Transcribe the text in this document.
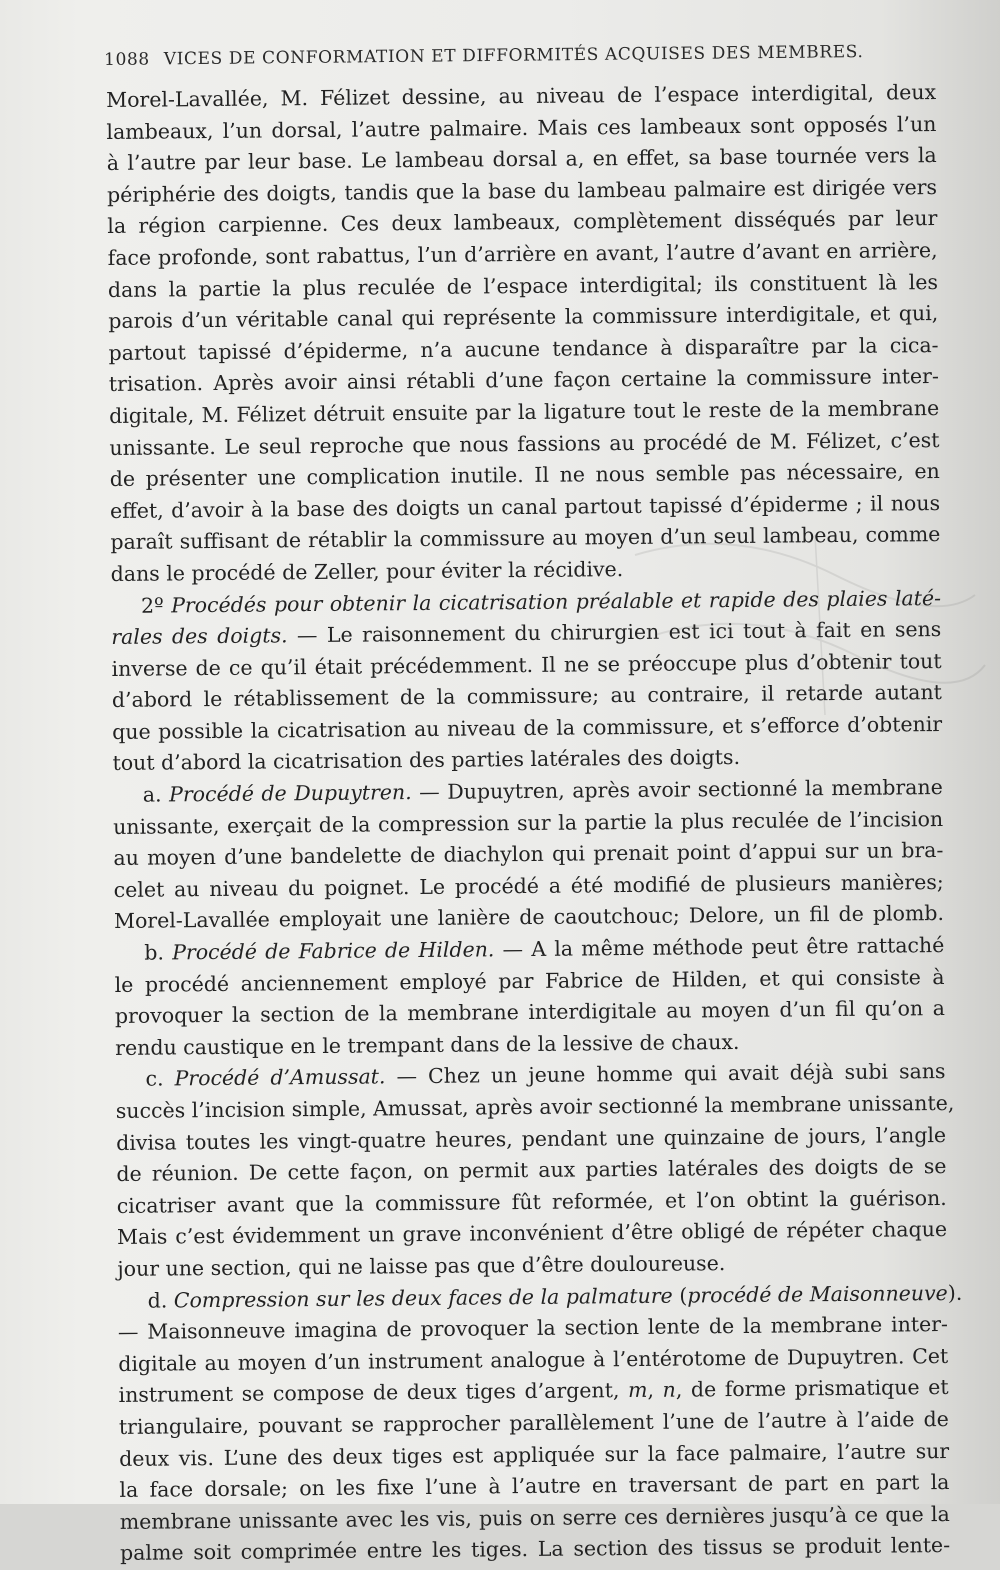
1088 VICES DE CONFORMATION ET DIFFORMITÉS ACQUISES DES MEMBRES.
Morel-Lavallée, M. Félizet dessine, au niveau de l’espace interdigital, deux
lambeaux, l’un dorsal, l’autre palmaire. Mais ces lambeaux sont opposés l’un
à l’autre par leur base. Le lambeau dorsal a, en effet, sa base tournée vers la
périphérie des doigts, tandis que la base du lambeau palmaire est dirigée vers
la région carpienne. Ces deux lambeaux, complètement disséqués par leur
face profonde, sont rabattus, l’un d’arrière en avant, l’autre d’avant en arrière,
dans la partie la plus reculée de l’espace interdigital; ils constituent là les
parois d’un véritable canal qui représente la commissure interdigitale, et qui,
partout tapissé d’épiderme, n’a aucune tendance à disparaître par la cica-
trisation. Après avoir ainsi rétabli d’une façon certaine la commissure inter-
digitale, M. Félizet détruit ensuite par la ligature tout le reste de la membrane
unissante. Le seul reproche que nous fassions au procédé de M. Félizet, c’est
de présenter une complication inutile. Il ne nous semble pas nécessaire, en
effet, d’avoir à la base des doigts un canal partout tapissé d’épiderme ; il nous
paraît suffisant de rétablir la commissure au moyen d’un seul lambeau, comme
dans le procédé de Zeller, pour éviter la récidive.
2º Procédés pour obtenir la cicatrisation préalable et rapide des plaies laté-
rales des doigts. — Le raisonnement du chirurgien est ici tout à fait en sens
inverse de ce qu’il était précédemment. Il ne se préoccupe plus d’obtenir tout
d’abord le rétablissement de la commissure; au contraire, il retarde autant
que possible la cicatrisation au niveau de la commissure, et s’efforce d’obtenir
tout d’abord la cicatrisation des parties latérales des doigts.
a. Procédé de Dupuytren. — Dupuytren, après avoir sectionné la membrane
unissante, exerçait de la compression sur la partie la plus reculée de l’incision
au moyen d’une bandelette de diachylon qui prenait point d’appui sur un bra-
celet au niveau du poignet. Le procédé a été modifié de plusieurs manières;
Morel-Lavallée employait une lanière de caoutchouc; Delore, un fil de plomb.
b. Procédé de Fabrice de Hilden. — A la même méthode peut être rattaché
le procédé anciennement employé par Fabrice de Hilden, et qui consiste à
provoquer la section de la membrane interdigitale au moyen d’un fil qu’on a
rendu caustique en le trempant dans de la lessive de chaux.
c. Procédé d’Amussat. — Chez un jeune homme qui avait déjà subi sans
succès l’incision simple, Amussat, après avoir sectionné la membrane unissante,
divisa toutes les vingt-quatre heures, pendant une quinzaine de jours, l’angle
de réunion. De cette façon, on permit aux parties latérales des doigts de se
cicatriser avant que la commissure fût reformée, et l’on obtint la guérison.
Mais c’est évidemment un grave inconvénient d’être obligé de répéter chaque
jour une section, qui ne laisse pas que d’être douloureuse.
d. Compression sur les deux faces de la palmature (procédé de Maisonneuve).
— Maisonneuve imagina de provoquer la section lente de la membrane inter-
digitale au moyen d’un instrument analogue à l’entérotome de Dupuytren. Cet
instrument se compose de deux tiges d’argent, m, n, de forme prismatique et
triangulaire, pouvant se rapprocher parallèlement l’une de l’autre à l’aide de
deux vis. L’une des deux tiges est appliquée sur la face palmaire, l’autre sur
la face dorsale; on les fixe l’une à l’autre en traversant de part en part la
membrane unissante avec les vis, puis on serre ces dernières jusqu’à ce que la
palme soit comprimée entre les tiges. La section des tissus se produit lente-
